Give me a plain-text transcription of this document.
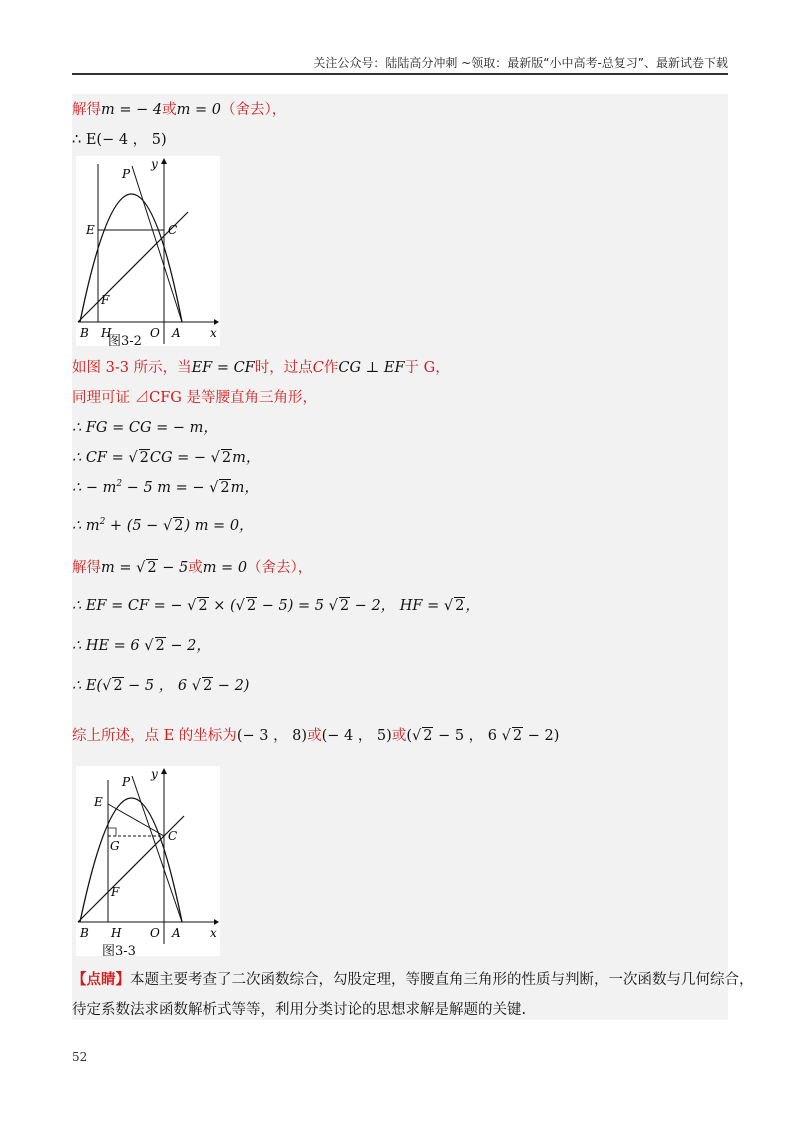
关注公众号：陆陆高分冲刺 ~领取：最新版“小中高考-总复习”、最新试卷下载
解得m = − 4或m = 0（舍去），
∴ E(− 4 ， 5)
P
y
E	C
F
B H	O A x
图3-2
如图 3-3 所示，当EF = CF时，过点C作CG ⊥ EF于 G，
同理可证 ⊿CFG 是等腰直角三角形，
∴ FG = CG = − m，
∴ CF = √ 2CG = − √ 2m，
∴ − $m^2 - 5$ m = − √ 2m，
∴ $m^2 + (5$ − √ 2) m = 0，
解得m = √ 2 − 5或m = 0（舍去），
∴ EF = CF = − √ 2 × (√ 2 − 5) = 5 √ 2 − 2， HF = √ 2，
∴ HE = 6 √ 2 − 2，
∴ E(√ 2 − 5 ， 6 √ 2 − 2)
综上所述，点 E 的坐标为(− 3 ， 8)或(− 4 ， 5)或(√ 2 − 5 ， 6 √ 2 − 2)
P
y
E
G
C
F
B H O A x
图3-3
【点睛】本题主要考查了二次函数综合，勾股定理，等腰直角三角形的性质与判断，一次函数与几何综合，
待定系数法求函数解析式等等，利用分类讨论的思想求解是解题的关键.
52
